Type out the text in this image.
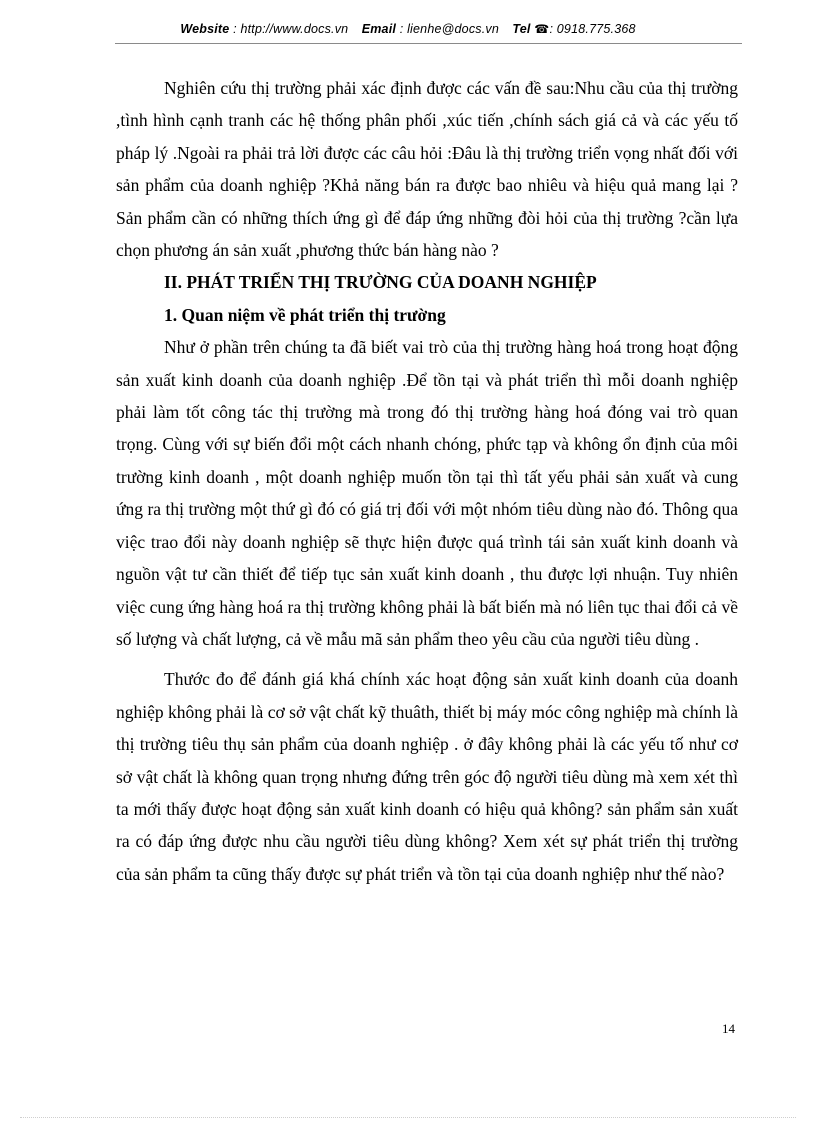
Website : http://www.docs.vn Email : lienhe@docs.vn Tel ☎: 0918.775.368

Nghiên cứu thị trường phải xác định được các vấn đề sau:Nhu cầu của thị trường ,tình hình cạnh tranh các hệ thống phân phối ,xúc tiến ,chính sách giá cả và các yếu tố pháp lý .Ngoài ra phải trả lời được các câu hỏi :Đâu là thị trường triển vọng nhất đối với sản phẩm của doanh nghiệp ?Khả năng bán ra được bao nhiêu và hiệu quả mang lại ?Sản phẩm cần có những thích ứng gì để đáp ứng những đòi hỏi của thị trường ?cần lựa chọn phương án sản xuất ,phương thức bán hàng nào ?

II. PHÁT TRIỂN THỊ TRƯỜNG CỦA DOANH NGHIỆP
1. Quan niệm về phát triển thị trường

Như ở phần trên chúng ta đã biết vai trò của thị trường hàng hoá trong hoạt động sản xuất kinh doanh của doanh nghiệp .Để tồn tại và phát triển thì mỗi doanh nghiệp phải làm tốt công tác thị trường mà trong đó thị trường hàng hoá đóng vai trò quan trọng. Cùng với sự biến đổi một cách nhanh chóng, phức tạp và không ổn định của môi trường kinh doanh , một doanh nghiệp muốn tồn tại thì tất yếu phải sản xuất và cung ứng ra thị trường một thứ gì đó có giá trị đối với một nhóm tiêu dùng nào đó. Thông qua việc trao đổi này doanh nghiệp sẽ thực hiện được quá trình tái sản xuất kinh doanh và nguồn vật tư cần thiết để tiếp tục sản xuất kinh doanh , thu được lợi nhuận. Tuy nhiên việc cung ứng hàng hoá ra thị trường không phải là bất biến mà nó liên tục thai đổi cả về số lượng và chất lượng, cả về mẫu mã sản phẩm theo yêu cầu của người tiêu dùng .

Thước đo để đánh giá khá chính xác hoạt động sản xuất kinh doanh của doanh nghiệp không phải là cơ sở vật chất kỹ thuâth, thiết bị máy móc công nghiệp mà chính là thị trường tiêu thụ sản phẩm của doanh nghiệp . ở đây không phải là các yếu tố như cơ sở vật chất là không quan trọng nhưng đứng trên góc độ người tiêu dùng mà xem xét thì ta mới thấy được hoạt động sản xuất kinh doanh có hiệu quả không? sản phẩm sản xuất ra có đáp ứng được nhu cầu người tiêu dùng không? Xem xét sự phát triển thị trường của sản phẩm ta cũng thấy được sự phát triển và tồn tại của doanh nghiệp như thế nào?

14
